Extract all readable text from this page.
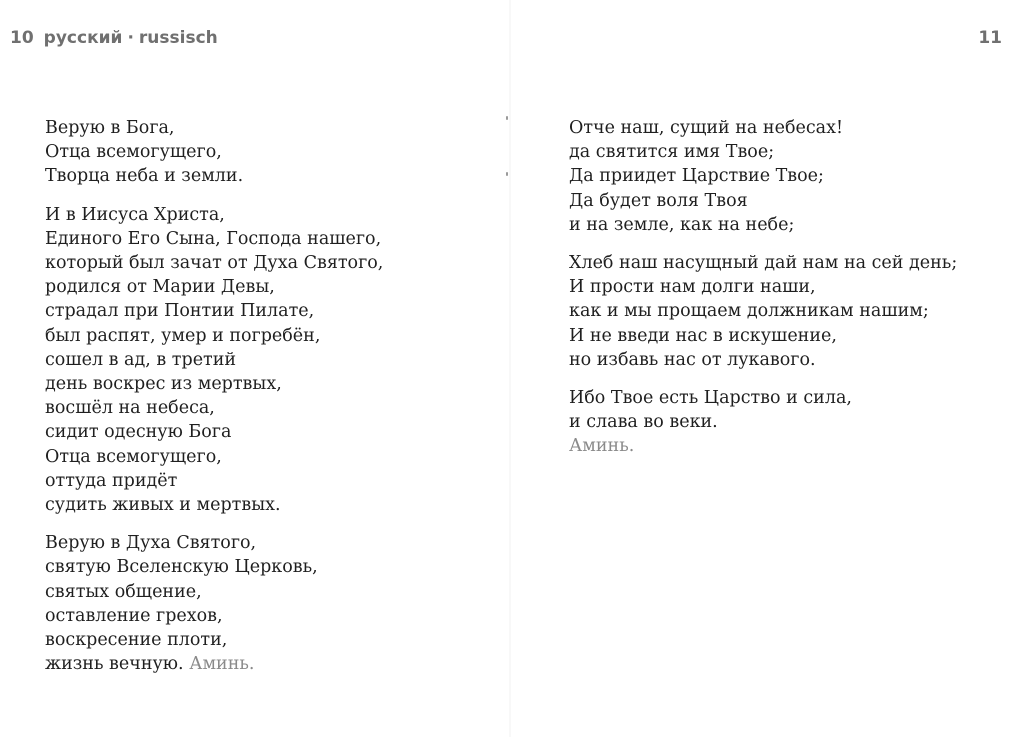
10 русский · russisch
Верую в Бога,
Отца всемогущего,
Творца неба и земли.
И в Иисуса Христа,
Единого Его Сына, Господа нашего,
который был зачат от Духа Святого,
родился от Марии Девы,
страдал при Понтии Пилате,
был распят, умер и погребён,
сошел в ад, в третий
день воскрес из мертвых,
восшёл на небеса,
сидит одесную Бога
Отца всемогущего,
оттуда придёт
судить живых и мертвых.
Верую в Духа Святого,
святую Вселенскую Церковь,
святых общение,
оставление грехов,
воскресение плоти,
жизнь вечную. Аминь.
11
Отче наш, сущий на небесах!
да святится имя Твое;
Да приидет Царствие Твое;
Да будет воля Твоя
и на земле, как на небе;
Хлеб наш насущный дай нам на сей день;
И прости нам долги наши,
как и мы прощаем должникам нашим;
И не введи нас в искушение,
но избавь нас от лукавого.
Ибо Твое есть Царство и сила,
и слава во веки.
Аминь.
